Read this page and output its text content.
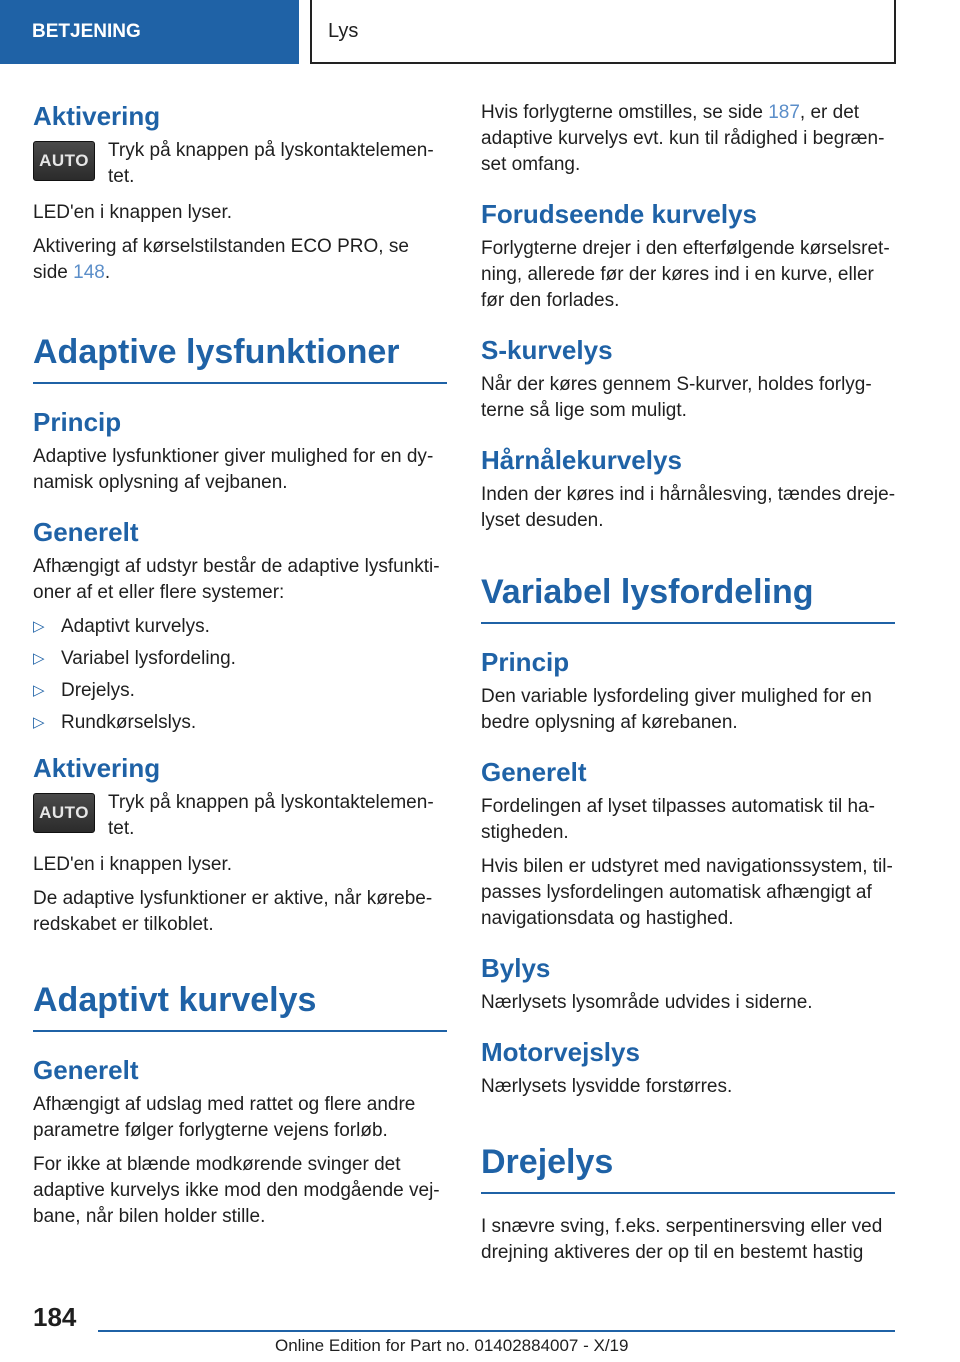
BETJENING	Lys
Aktivering
AUTO Tryk på knappen på lyskontaktelementet.

LED'en i knappen lyser.

Aktivering af kørselstilstanden ECO PRO, se side 148.

Adaptive lysfunktioner
Princip

Adaptive lysfunktioner giver mulighed for en dynamisk oplysning af vejbanen.

Generelt

Afhængigt af udstyr består de adaptive lysfunktioner af et eller flere systemer:

▷ Adaptivt kurvelys.
▷ Variabel lysfordeling.
▷ Drejelys.
▷ Rundkørselslys.
Aktivering
AUTO Tryk på knappen på lyskontaktelementet.

LED'en i knappen lyser.

De adaptive lysfunktioner er aktive, når køreberedskabet er tilkoblet.

Adaptivt kurvelys
Generelt

Afhængigt af udslag med rattet og flere andre parametre følger forlygterne vejens forløb.

For ikke at blænde modkørende svinger det adaptive kurvelys ikke mod den modgående vejbane, når bilen holder stille.

Hvis forlygterne omstilles, se side 187, er det adaptive kurvelys evt. kun til rådighed i begrænset omfang.

Forudseende kurvelys

Forlygterne drejer i den efterfølgende kørselsretning, allerede før der køres ind i en kurve, eller før den forlades.

S-kurvelys

Når der køres gennem S-kurver, holdes forlygterne så lige som muligt.

Hårnålekurvelys

Inden der køres ind i hårnålesving, tændes drejelyset desuden.

Variabel lysfordeling
Princip

Den variable lysfordeling giver mulighed for en bedre oplysning af kørebanen.

Generelt

Fordelingen af lyset tilpasses automatisk til hastigheden.

Hvis bilen er udstyret med navigationssystem, tilpasses lysfordelingen automatisk afhængigt af navigationsdata og hastighed.

Bylys

Nærlysets lysområde udvides i siderne.

Motorvejslys

Nærlysets lysvidde forstørres.

Drejelys

I snævre sving, f.eks. serpentinersving eller ved drejning aktiveres der op til en bestemt hastig

184
Online Edition for Part no. 01402884007 - X/19
